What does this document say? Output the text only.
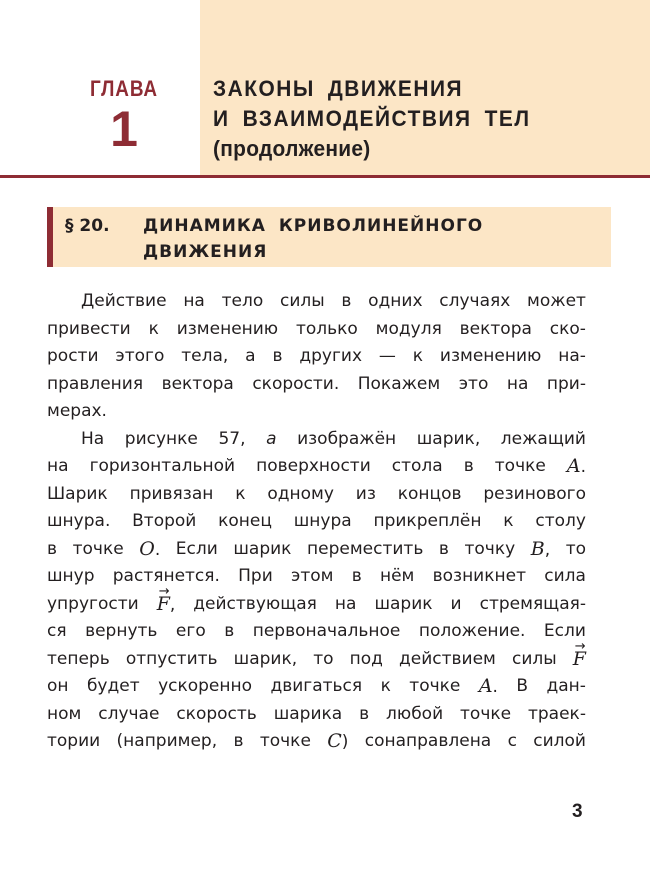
ГЛАВА
1
ЗАКОНЫ ДВИЖЕНИЯ
И ВЗАИМОДЕЙСТВИЯ ТЕЛ
(продолжение)
§ 20. ДИНАМИКА КРИВОЛИНЕЙНОГО
ДВИЖЕНИЯ
Действие на тело силы в одних случаях может
привести к изменению только модуля вектора ско-
рости этого тела, а в других — к изменению на-
правления вектора скорости. Покажем это на при-
мерах.
На рисунке 57, а изображён шарик, лежащий
на горизонтальной поверхности стола в точке A.
Шарик привязан к одному из концов резинового
шнура. Второй конец шнура прикреплён к столу
в точке O. Если шарик переместить в точку B, то
шнур растянется. При этом в нём возникнет сила
упругости → F, действующая на шарик и стремящая-
ся вернуть его в первоначальное положение. Если
теперь отпустить шарик, то под действием силы → F
он будет ускоренно двигаться к точке A. В дан-
ном случае скорость шарика в любой точке траек-
тории (например, в точке C) сонаправлена с силой
3
